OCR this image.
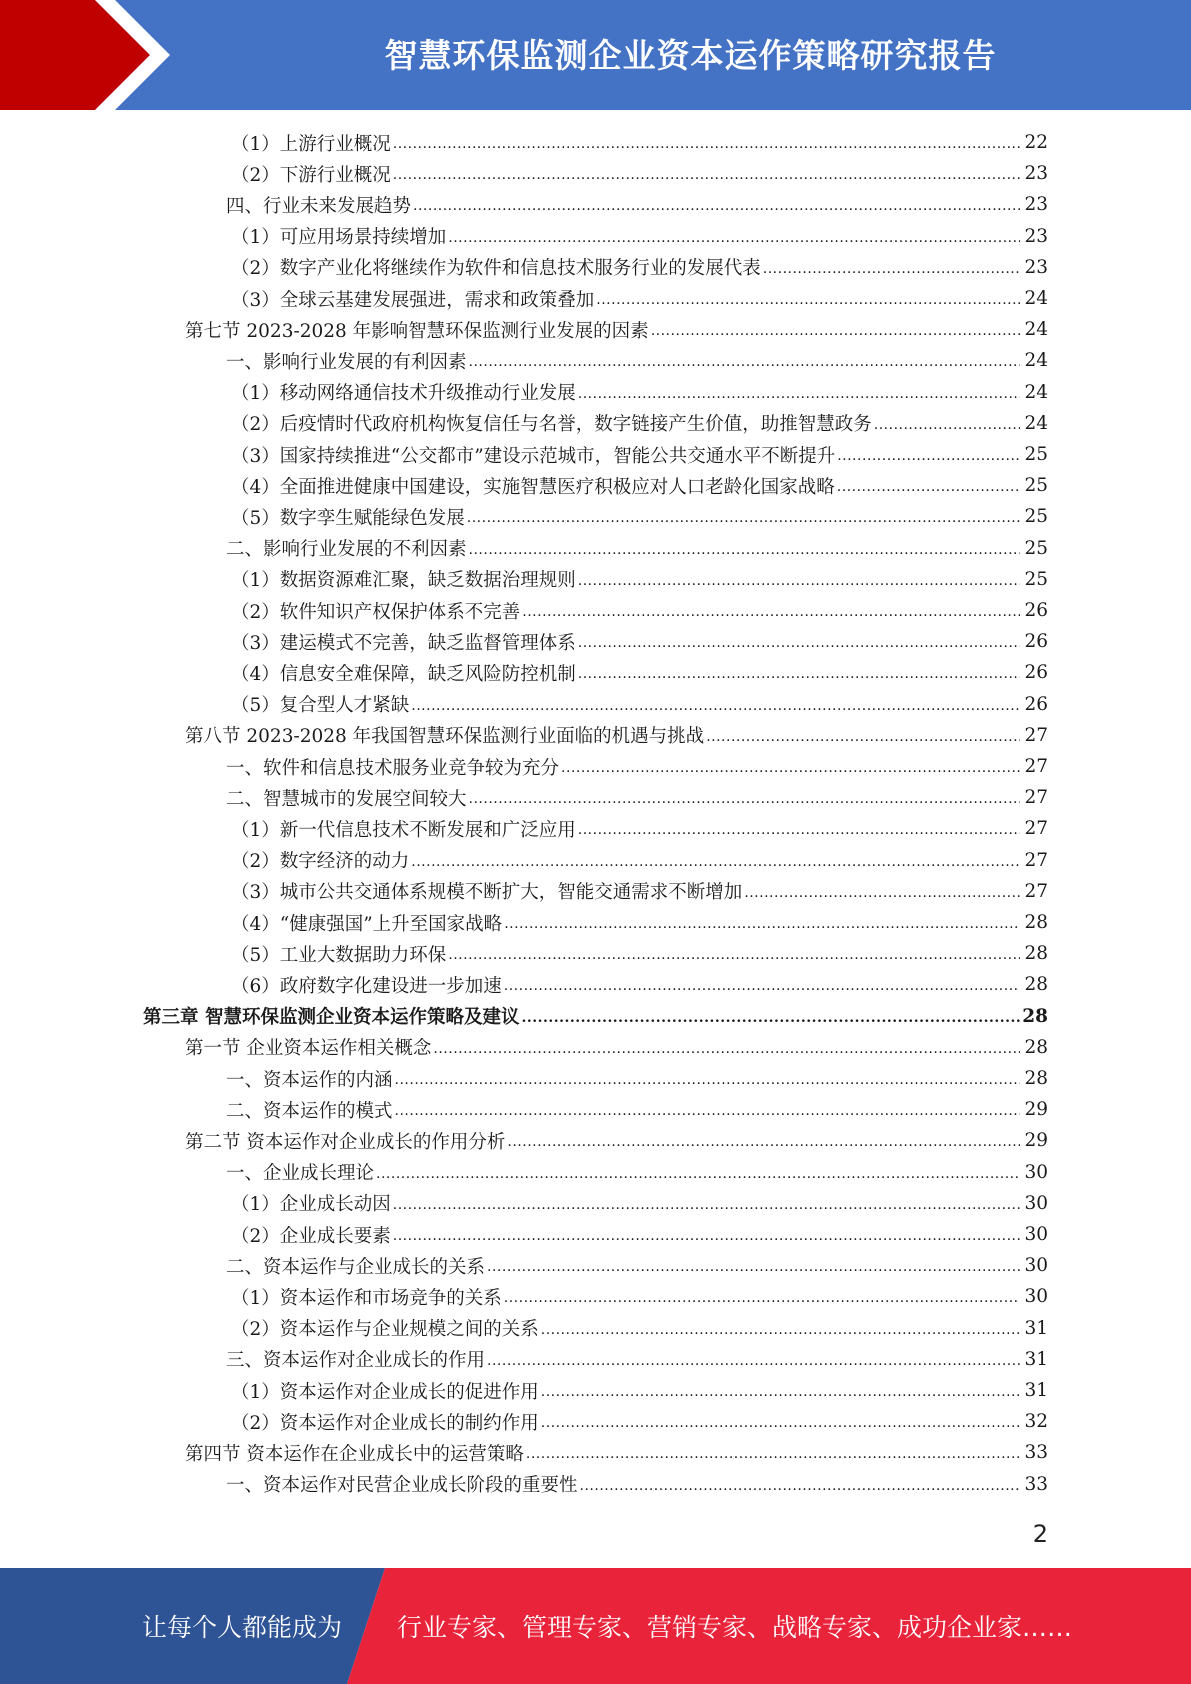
智慧环保监测企业资本运作策略研究报告
（1）上游行业概况 .....	22
（2）下游行业概况 .....	23
四、行业未来发展趋势 .....	23
（1）可应用场景持续增加 .....	23
（2）数字产业化将继续作为软件和信息技术服务行业的发展代表 .....	23
（3）全球云基建发展强进，需求和政策叠加 .....	24
第七节 2023-2028 年影响智慧环保监测行业发展的因素 .....	24
一、影响行业发展的有利因素 .....	24
（1）移动网络通信技术升级推动行业发展 .....	24
（2）后疫情时代政府机构恢复信任与名誉，数字链接产生价值，助推智慧政务 .....	24
（3）国家持续推进“公交都市”建设示范城市，智能公共交通水平不断提升 .....	25
（4）全面推进健康中国建设，实施智慧医疗积极应对人口老龄化国家战略 .....	25
（5）数字孪生赋能绿色发展 .....	25
二、影响行业发展的不利因素 .....	25
（1）数据资源难汇聚，缺乏数据治理规则 .....	25
（2）软件知识产权保护体系不完善 .....	26
（3）建运模式不完善，缺乏监督管理体系 .....	26
（4）信息安全难保障，缺乏风险防控机制 .....	26
（5）复合型人才紧缺 .....	26
第八节 2023-2028 年我国智慧环保监测行业面临的机遇与挑战 .....	27
一、软件和信息技术服务业竞争较为充分 .....	27
二、智慧城市的发展空间较大 .....	27
（1）新一代信息技术不断发展和广泛应用 .....	27
（2）数字经济的动力 .....	27
（3）城市公共交通体系规模不断扩大，智能交通需求不断增加 .....	27
（4）“健康强国”上升至国家战略 .....	28
（5）工业大数据助力环保 .....	28
（6）政府数字化建设进一步加速 .....	28
第三章 智慧环保监测企业资本运作策略及建议 .....	28
第一节 企业资本运作相关概念 .....	28
一、资本运作的内涵 .....	28
二、资本运作的模式 .....	29
第二节 资本运作对企业成长的作用分析 .....	29
一、企业成长理论 .....	30
（1）企业成长动因 .....	30
（2）企业成长要素 .....	30
二、资本运作与企业成长的关系 .....	30
（1）资本运作和市场竞争的关系 .....	30
（2）资本运作与企业规模之间的关系 .....	31
三、资本运作对企业成长的作用 .....	31
（1）资本运作对企业成长的促进作用 .....	31
（2）资本运作对企业成长的制约作用 .....	32
第四节 资本运作在企业成长中的运营策略 .....	33
一、资本运作对民营企业成长阶段的重要性 .....	33
2
让每个人都能成为 行业专家、管理专家、营销专家、战略专家、成功企业家……
